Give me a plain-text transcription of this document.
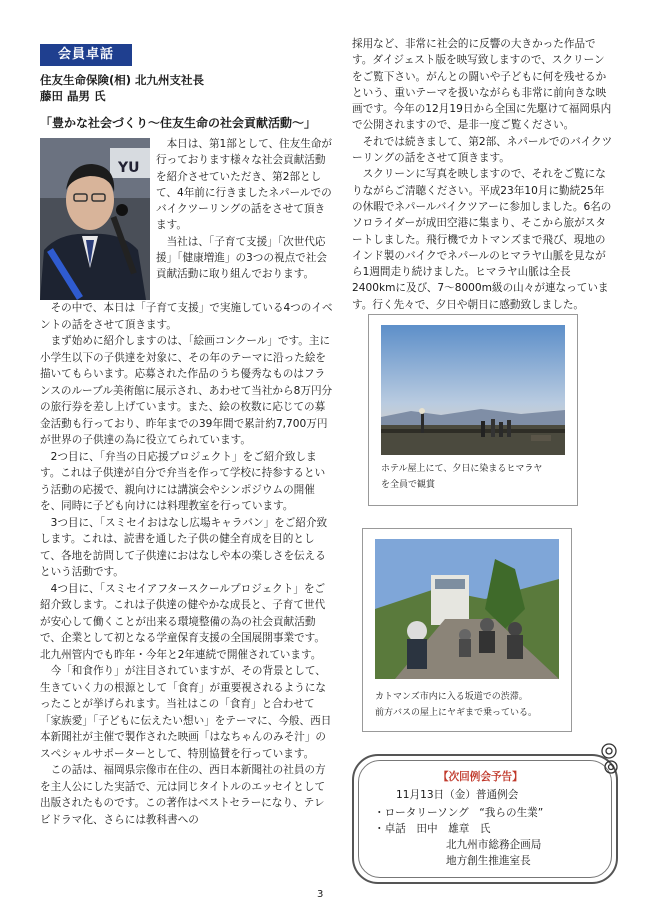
会員卓話
住友生命保険(相) 北九州支社長
藤田 晶男 氏
「豊かな社会づくり～住友生命の社会貢献活動～」
YU

本日は、第1部として、住友生命が行っております様々な社会貢献活動を紹介させていただき、第2部として、4年前に行きましたネパールでのバイクツーリングの話をさせて頂きます。

当社は、「子育て支援」「次世代応援」「健康増進」の3つの視点で社会貢献活動に取り組んでおります。

その中で、本日は「子育て支援」で実施している4つのイベントの話をさせて頂きます。

まず始めに紹介しますのは、「絵画コンクール」です。主に小学生以下の子供達を対象に、その年のテーマに沿った絵を描いてもらいます。応募された作品のうち優秀なものはフランスのルーブル美術館に展示され、あわせて当社から8万円分の旅行券を差し上げています。また、絵の枚数に応じての募金活動も行っており、昨年までの39年間で累計約7,700万円が世界の子供達の為に役立てられています。

2つ目に、「弁当の日応援プロジェクト」をご紹介致します。これは子供達が自分で弁当を作って学校に持参するという活動の応援で、親向けには講演会やシンポジウムの開催を、同時に子ども向けには料理教室を行っています。

3つ目に、「スミセイおはなし広場キャラバン」をご紹介致します。これは、読書を通した子供の健全育成を目的として、各地を訪問して子供達におはなしや本の楽しさを伝えるという活動です。

4つ目に、「スミセイアフタースクールプロジェクト」をご紹介致します。これは子供達の健やかな成長と、子育て世代が安心して働くことが出来る環境整備の為の社会貢献活動で、企業として初となる学童保育支援の全国展開事業です。北九州管内でも昨年・今年と2年連続で開催されています。

今「和食作り」が注目されていますが、その背景として、生きていく力の根源として「食育」が重要視されるようになったことが挙げられます。当社はこの「食育」と合わせて「家族愛」「子どもに伝えたい想い」をテーマに、今般、西日本新聞社が主催で製作された映画「はなちゃんのみそ汁」のスペシャルサポーターとして、特別協賛を行っています。

この話は、福岡県宗像市在住の、西日本新聞社の社員の方を主人公にした実話で、元は同じタイトルのエッセイとして出版されたものです。この著作はベストセラーになり、テレビドラマ化、さらには教科書への

採用など、非常に社会的に反響の大きかった作品です。ダイジェスト版を映写致しますので、スクリーンをご覧下さい。がんとの闘いや子どもに何を残せるかという、重いテーマを扱いながらも非常に前向きな映画です。今年の12月19日から全国に先駆けて福岡県内で公開されますので、是非一度ご覧ください。

それでは続きまして、第2部、ネパールでのバイクツーリングの話をさせて頂きます。

スクリーンに写真を映しますので、それをご覧になりながらご清聴ください。平成23年10月に勤続25年の休暇でネパールバイクツアーに参加しました。6名のソロライダーが成田空港に集まり、そこから旅がスタートしました。飛行機でカトマンズまで飛び、現地のインド製のバイクでネパールのヒマラヤ山脈を見ながら1週間走り続けました。ヒマラヤ山脈は全長2400kmに及び、7～8000m級の山々が連なっています。行く先々で、夕日や朝日に感動致しました。

ホテル屋上にて、夕日に染まるヒマラヤ
を全員で観賞
カトマンズ市内に入る坂道での渋滞。
前方バスの屋上にヤギまで乗っている。
【次回例会予告】
11月13日（金）普通例会
・ロータリーソング　“我らの生業”
・卓話　田中　雄章　氏
北九州市総務企画局
地方創生推進室長
3
